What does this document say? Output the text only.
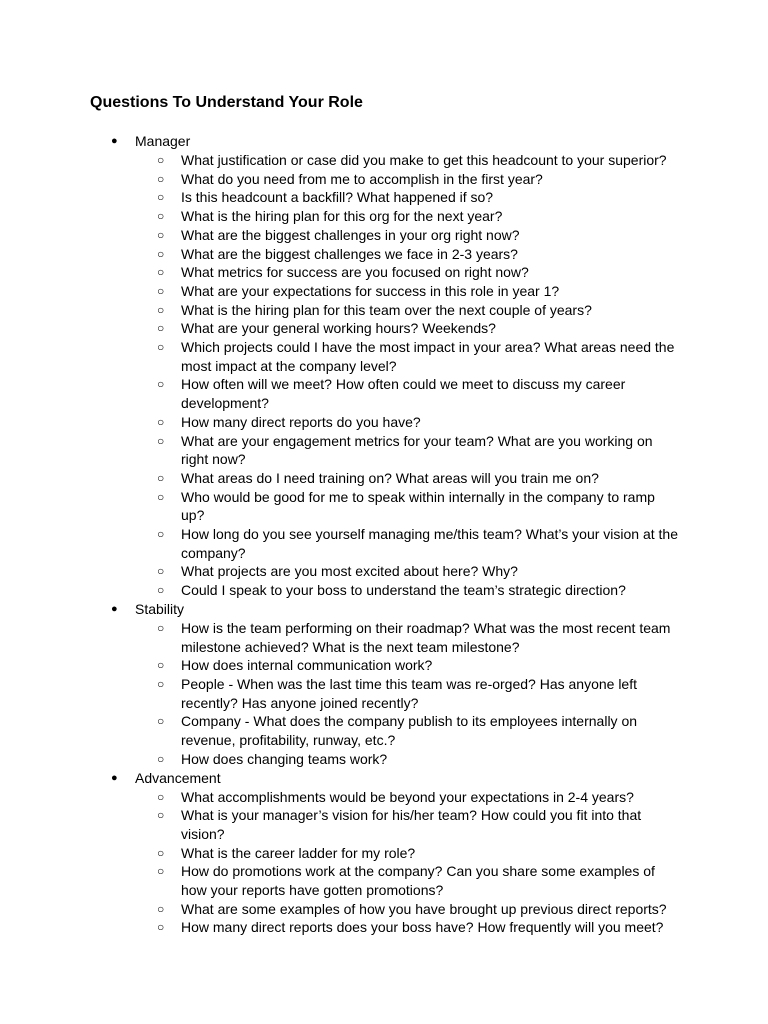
Questions To Understand Your Role
● Manager
○ What justification or case did you make to get this headcount to your superior?
○ What do you need from me to accomplish in the first year?
○ Is this headcount a backfill? What happened if so?
○ What is the hiring plan for this org for the next year?
○ What are the biggest challenges in your org right now?
○ What are the biggest challenges we face in 2-3 years?
○ What metrics for success are you focused on right now?
○ What are your expectations for success in this role in year 1?
○ What is the hiring plan for this team over the next couple of years?
○ What are your general working hours? Weekends?
○ Which projects could I have the most impact in your area? What areas need the most impact at the company level?
○ How often will we meet? How often could we meet to discuss my career development?
○ How many direct reports do you have?
○ What are your engagement metrics for your team? What are you working on right now?
○ What areas do I need training on? What areas will you train me on?
○ Who would be good for me to speak within internally in the company to ramp up?
○ How long do you see yourself managing me/this team? What’s your vision at the company?
○ What projects are you most excited about here? Why?
○ Could I speak to your boss to understand the team’s strategic direction?
● Stability
○ How is the team performing on their roadmap? What was the most recent team milestone achieved? What is the next team milestone?
○ How does internal communication work?
○ People - When was the last time this team was re-orged? Has anyone left recently? Has anyone joined recently?
○ Company - What does the company publish to its employees internally on revenue, profitability, runway, etc.?
○ How does changing teams work?
● Advancement
○ What accomplishments would be beyond your expectations in 2-4 years?
○ What is your manager’s vision for his/her team? How could you fit into that vision?
○ What is the career ladder for my role?
○ How do promotions work at the company? Can you share some examples of how your reports have gotten promotions?
○ What are some examples of how you have brought up previous direct reports?
○ How many direct reports does your boss have? How frequently will you meet?
